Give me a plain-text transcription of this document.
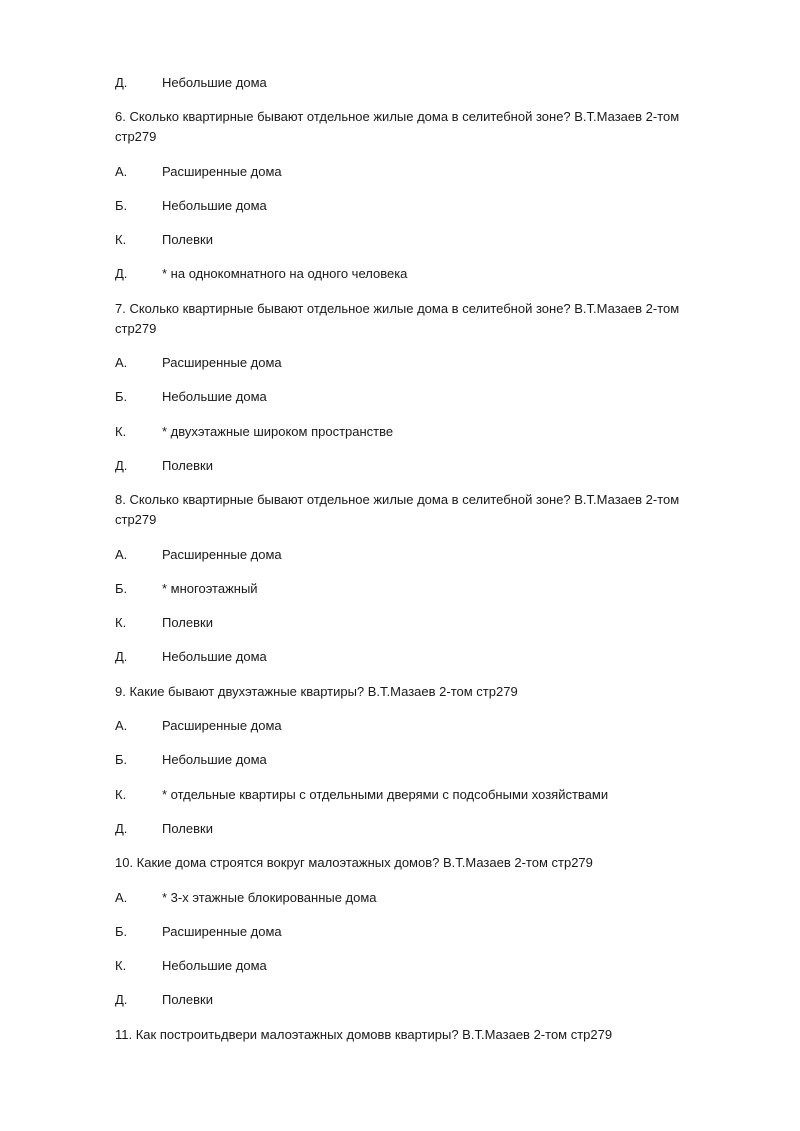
Д.	Небольшие дома
6. Сколько квартирные бывают отдельное жилые дома в селитебной зоне? В.Т.Мазаев 2-том
стр279
А.	Расширенные дома
Б.	Небольшие дома
К.	Полевки
Д.	* на однокомнатного на одного человека
7. Сколько квартирные бывают отдельное жилые дома в селитебной зоне? В.Т.Мазаев 2-том
стр279
А.	Расширенные дома
Б.	Небольшие дома
К.	* двухэтажные широком пространстве
Д.	Полевки
8. Сколько квартирные бывают отдельное жилые дома в селитебной зоне? В.Т.Мазаев 2-том
стр279
А.	Расширенные дома
Б.	* многоэтажный
К.	Полевки
Д.	Небольшие дома
9. Какие бывают двухэтажные квартиры? В.Т.Мазаев 2-том стр279
А.	Расширенные дома
Б.	Небольшие дома
К.	* отдельные квартиры с отдельными дверями с подсобными хозяйствами
Д.	Полевки
10. Какие дома строятся вокруг малоэтажных домов? В.Т.Мазаев 2-том стр279
А.	* 3-х этажные блокированные дома
Б.	Расширенные дома
К.	Небольшие дома
Д.	Полевки
11. Как построитьдвери малоэтажных домовв квартиры? В.Т.Мазаев 2-том стр279
